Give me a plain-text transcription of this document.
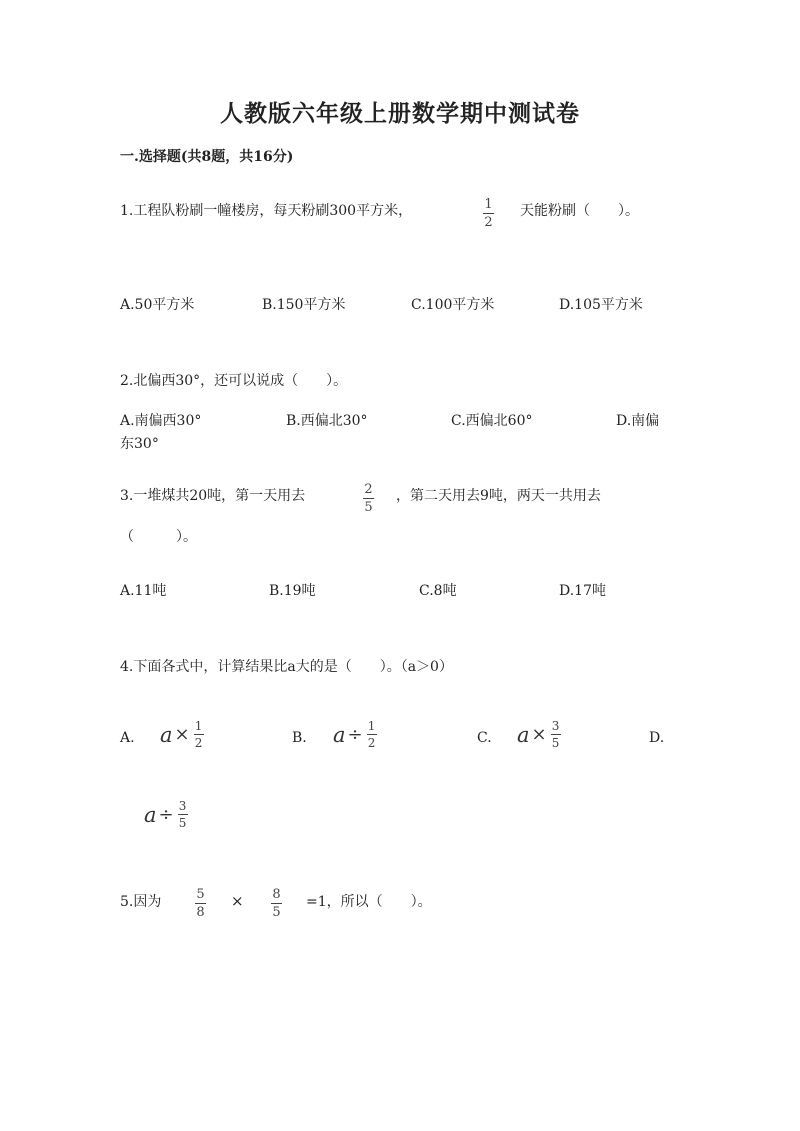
人教版六年级上册数学期中测试卷
一.选择题(共8题，共16分)
1.工程队粉刷一幢楼房，每天粉刷300平方米，	1
2
天能粉刷（　　）。
A.50平方米	B.150平方米	C.100平方米	D.105平方米
2.北偏西30°，还可以说成（　　）。
A.南偏西30°	B.西偏北30°	C.西偏北60°	D.南偏
东30°
3.一堆煤共20吨，第一天用去	2
5
，第二天用去9吨，两天一共用去
（　　　）。
A.11吨	B.19吨	C.8吨	D.17吨
4.下面各式中，计算结果比a大的是（　　）。（a＞0）
A. $a \times \frac{1}{2}$	B. $a \div \frac{1}{2}$	C. $a \times \frac{3}{5}$	D.
$a \div \frac{3}{5}$
5.因为	5
8
× 8
5
=1，所以（　　）。
